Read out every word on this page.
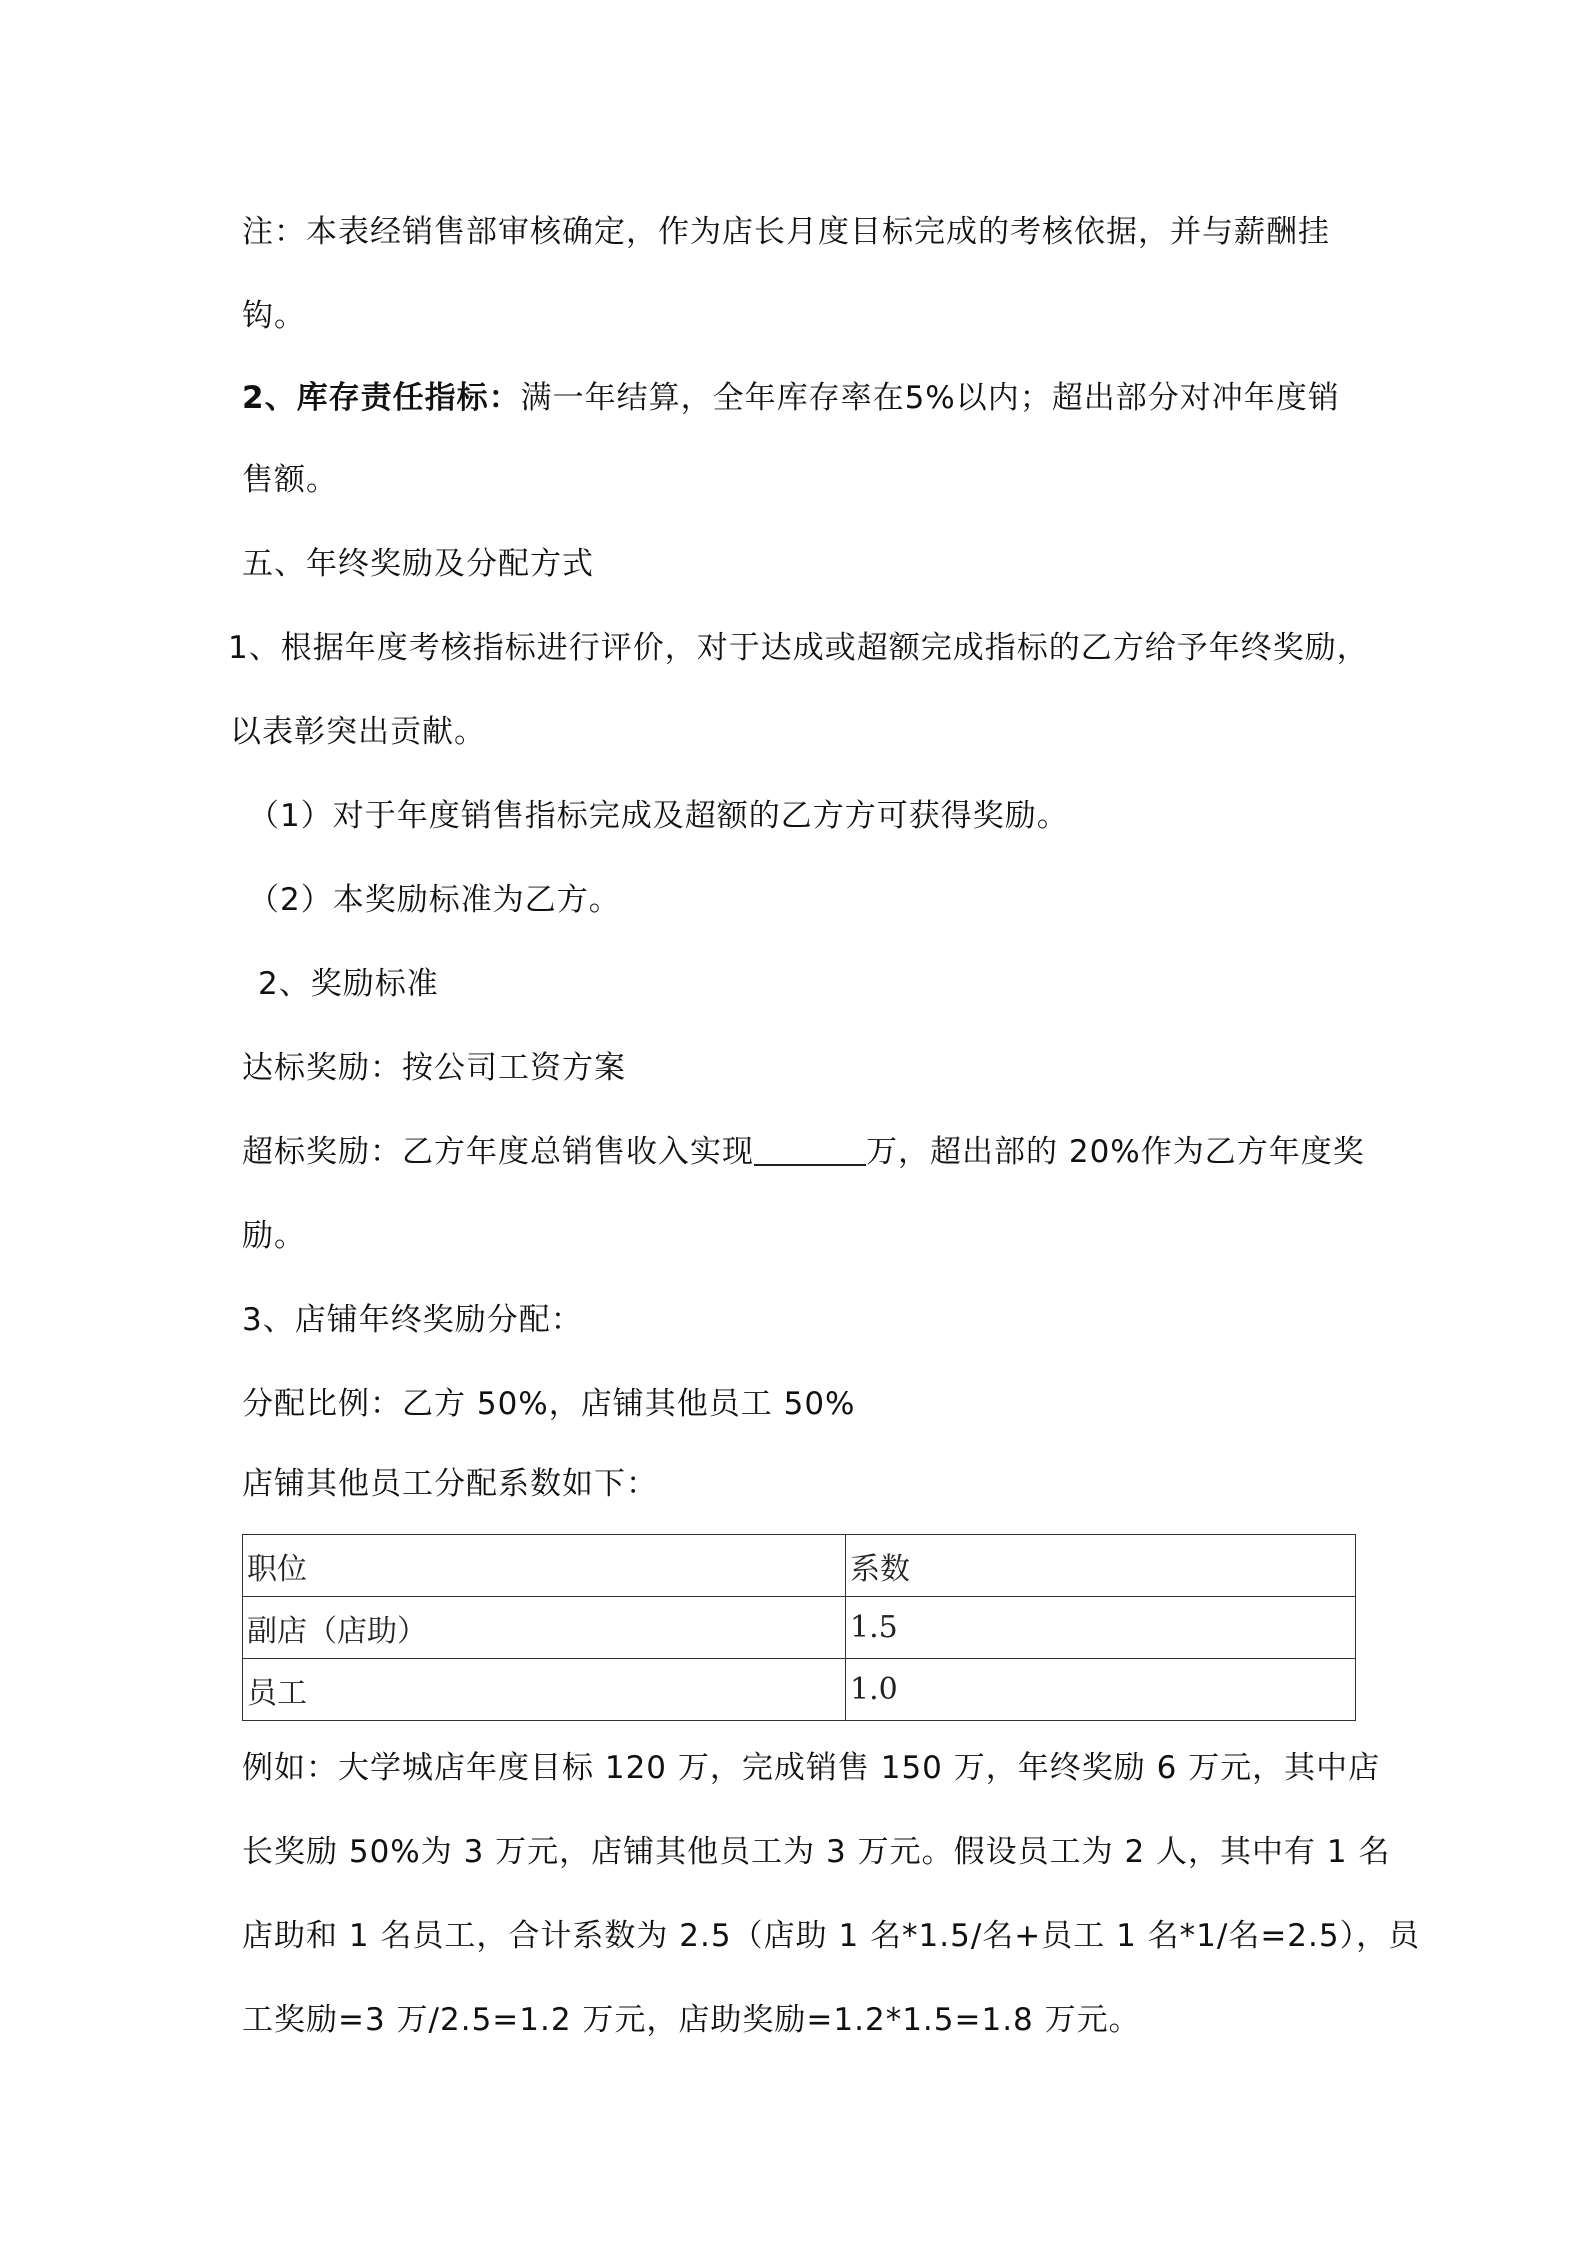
注：本表经销售部审核确定，作为店长月度目标完成的考核依据，并与薪酬挂
钩。
2、库存责任指标：满一年结算，全年库存率在5%以内；超出部分对冲年度销
售额。
五、年终奖励及分配方式
1、根据年度考核指标进行评价，对于达成或超额完成指标的乙方给予年终奖励，
以表彰突出贡献。
（1）对于年度销售指标完成及超额的乙方方可获得奖励。
（2）本奖励标准为乙方。
2、奖励标准
达标奖励：按公司工资方案
超标奖励：乙方年度总销售收入实现	万，超出部的 20%作为乙方年度奖
励。
3、店铺年终奖励分配：
分配比例：乙方 50%，店铺其他员工 50%
店铺其他员工分配系数如下：
职位	系数
副店（店助）	1.5
员工	1.0
例如：大学城店年度目标 120 万，完成销售 150 万，年终奖励 6 万元，其中店
长奖励 50%为 3 万元，店铺其他员工为 3 万元。假设员工为 2 人，其中有 1 名
店助和 1 名员工，合计系数为 2.5（店助 1 名*1.5/名+员工 1 名*1/名=2.5），员
工奖励=3 万/2.5=1.2 万元，店助奖励=1.2*1.5=1.8 万元。
